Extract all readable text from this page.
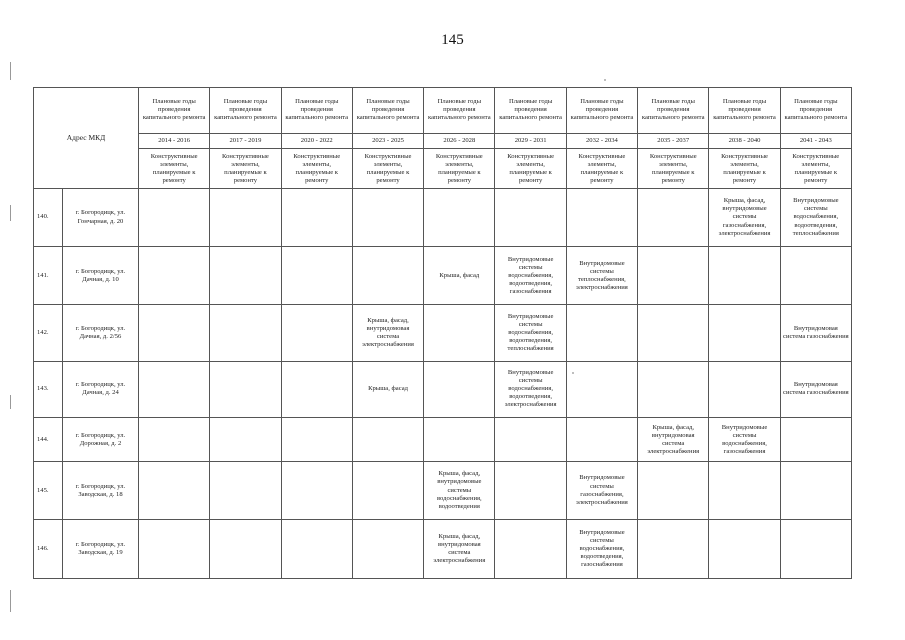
145
Адрес МКД		Плановые годы проведения капитального ремонта	Плановые годы проведения капитального ремонта	Плановые годы проведения капитального ремонта	Плановые годы проведения капитального ремонта	Плановые годы проведения капитального ремонта	Плановые годы проведения капитального ремонта	Плановые годы проведения капитального ремонта	Плановые годы проведения капитального ремонта	Плановые годы проведения капитального ремонта	Плановые годы проведения капитального ремонта
		2014 - 2016	2017 - 2019	2020 - 2022	2023 - 2025	2026 - 2028	2029 - 2031	2032 - 2034	2035 - 2037	2038 - 2040	2041 - 2043
		Конструктивные элементы, планируемые к ремонту	Конструктивные элементы, планируемые к ремонту	Конструктивные элементы, планируемые к ремонту	Конструктивные элементы, планируемые к ремонту	Конструктивные элементы, планируемые к ремонту	Конструктивные элементы, планируемые к ремонту	Конструктивные элементы, планируемые к ремонту	Конструктивные элементы, планируемые к ремонту	Конструктивные элементы, планируемые к ремонту	Конструктивные элементы, планируемые к ремонту
140.	г. Богородицк, ул. Гончарная, д. 20									Крыша, фасад, внутридомовые системы газоснабжения, электроснабжения	Внутридомовые системы водоснабжения, водоотведения, теплоснабжения
141.	г. Богородицк, ул. Дачная, д. 10					Крыша, фасад	Внутридомовые системы водоснабжения, водоотведения, газоснабжения	Внутридомовые системы теплоснабжения, электроснабжения			
142.	г. Богородицк, ул. Дачная, д. 2/56				Крыша, фасад, внутридомовая система электроснабжения		Внутридомовые системы водоснабжения, водоотведения, теплоснабжения				Внутридомовая система газоснабжения
143.	г. Богородицк, ул. Дачная, д. 24				Крыша, фасад		Внутридомовые системы водоснабжения, водоотведения, электроснабжения				Внутридомовая система газоснабжения
144.	г. Богородицк, ул. Дорожная, д. 2								Крыша, фасад, внутридомовая система электроснабжения	Внутридомовые системы водоснабжения, газоснабжения	
145.	г. Богородицк, ул. Заводская, д. 18					Крыша, фасад, внутридомовые системы водоснабжения, водоотведения		Внутридомовые системы газоснабжения, электроснабжения			
146.	г. Богородицк, ул. Заводская, д. 19					Крыша, фасад, внутридомовая система электроснабжения		Внутридомовые системы водоснабжения, водоотведения, газоснабжения			
